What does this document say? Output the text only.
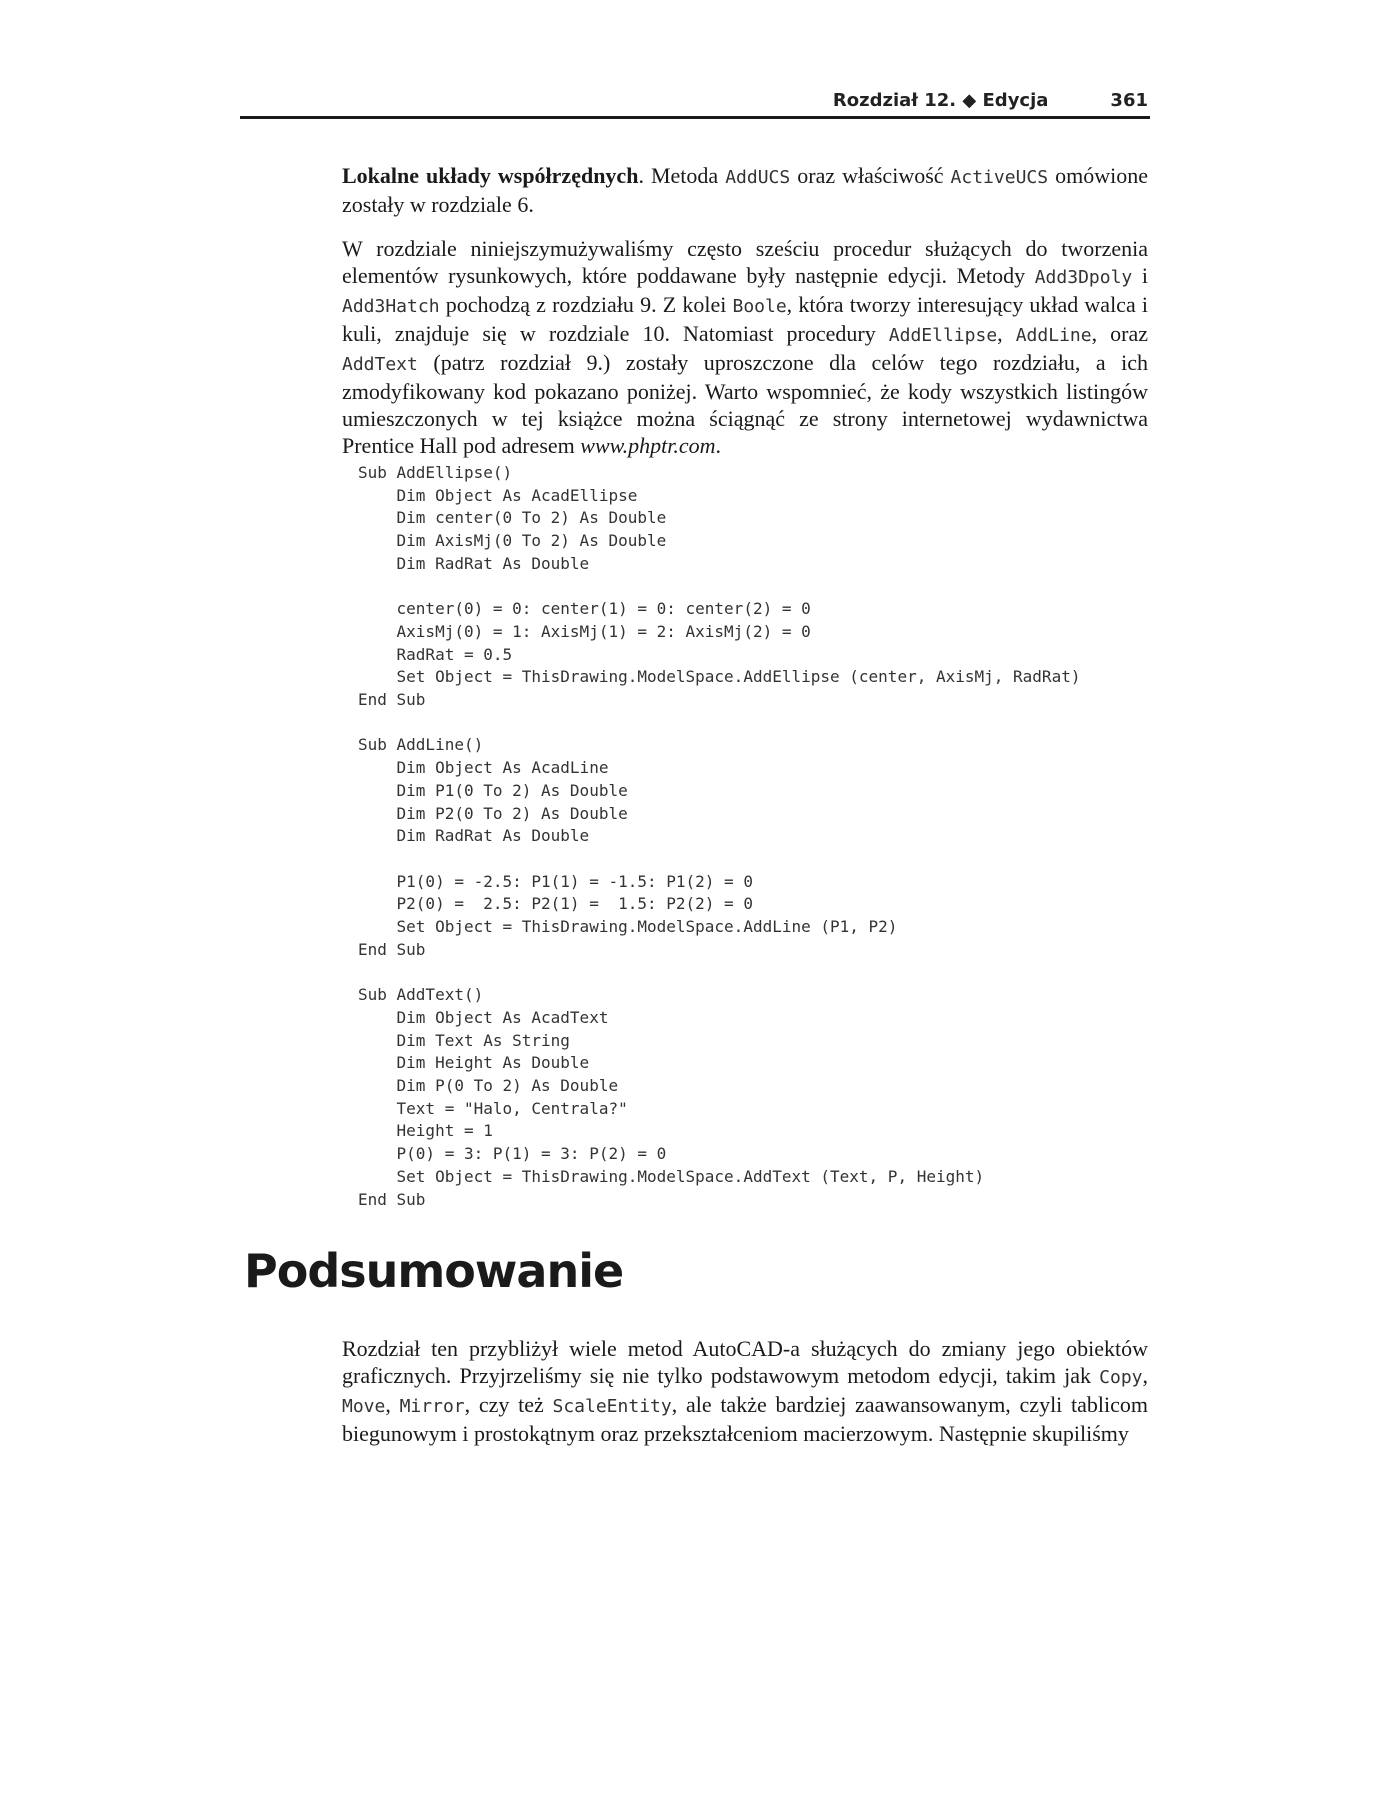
Rozdział 12. ◆ Edycja	361

Lokalne układy współrzędnych. Metoda AddUCS oraz właściwość ActiveUCS omówione zostały w rozdziale 6.

W rozdziale niniejszymużywaliśmy często sześciu procedur służących do tworzenia elementów rysunkowych, które poddawane były następnie edycji. Metody Add3Dpoly i Add3Hatch pochodzą z rozdziału 9. Z kolei Boole, która tworzy interesujący układ walca i kuli, znajduje się w rozdziale 10. Natomiast procedury AddEllipse, AddLine, oraz AddText (patrz rozdział 9.) zostały uproszczone dla celów tego rozdziału, a ich zmodyfikowany kod pokazano poniżej. Warto wspomnieć, że kody wszystkich listingów umieszczonych w tej książce można ściągnąć ze strony internetowej wydawnictwa Prentice Hall pod adresem www.phptr.com.

Sub AddEllipse()
Dim Object As AcadEllipse
Dim center(0 To 2) As Double
Dim AxisMj(0 To 2) As Double
Dim RadRat As Double

center(0) = 0: center(1) = 0: center(2) = 0
AxisMj(0) = 1: AxisMj(1) = 2: AxisMj(2) = 0
RadRat = 0.5
Set Object = ThisDrawing.ModelSpace.AddEllipse (center, AxisMj, RadRat)
End Sub

Sub AddLine()
Dim Object As AcadLine
Dim P1(0 To 2) As Double
Dim P2(0 To 2) As Double
Dim RadRat As Double

P1(0) = -2.5: P1(1) = -1.5: P1(2) = 0
P2(0) =  2.5: P2(1) =  1.5: P2(2) = 0
Set Object = ThisDrawing.ModelSpace.AddLine (P1, P2)
End Sub

Sub AddText()
Dim Object As AcadText
Dim Text As String
Dim Height As Double
Dim P(0 To 2) As Double
Text = "Halo, Centrala?"
Height = 1
P(0) = 3: P(1) = 3: P(2) = 0
Set Object = ThisDrawing.ModelSpace.AddText (Text, P, Height)
End Sub
Podsumowanie

Rozdział ten przybliżył wiele metod AutoCAD-a służących do zmiany jego obiektów graficznych. Przyjrzeliśmy się nie tylko podstawowym metodom edycji, takim jak Copy, Move, Mirror, czy też ScaleEntity, ale także bardziej zaawansowanym, czyli tablicom biegunowym i prostokątnym oraz przekształceniom macierzowym. Następnie skupiliśmy
